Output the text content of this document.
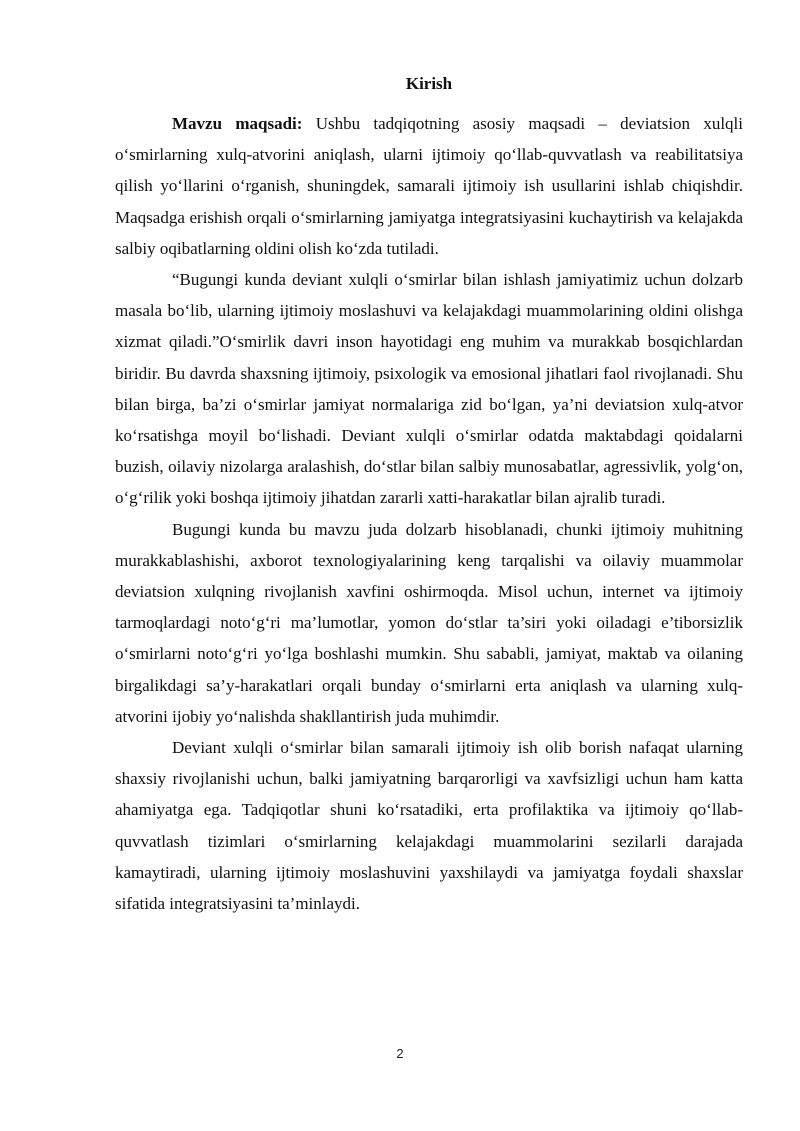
Kirish

Mavzu maqsadi: Ushbu tadqiqotning asosiy maqsadi – deviatsion xulqli o‘smirlarning xulq-atvorini aniqlash, ularni ijtimoiy qo‘llab-quvvatlash va reabilitatsiya qilish yo‘llarini o‘rganish, shuningdek, samarali ijtimoiy ish usullarini ishlab chiqishdir. Maqsadga erishish orqali o‘smirlarning jamiyatga integratsiyasini kuchaytirish va kelajakda salbiy oqibatlarning oldini olish ko‘zda tutiladi.

“Bugungi kunda deviant xulqli o‘smirlar bilan ishlash jamiyatimiz uchun dolzarb masala bo‘lib, ularning ijtimoiy moslashuvi va kelajakdagi muammolarining oldini olishga xizmat qiladi.”O‘smirlik davri inson hayotidagi eng muhim va murakkab bosqichlardan biridir. Bu davrda shaxsning ijtimoiy, psixologik va emosional jihatlari faol rivojlanadi. Shu bilan birga, ba’zi o‘smirlar jamiyat normalariga zid bo‘lgan, ya’ni deviatsion xulq-atvor ko‘rsatishga moyil bo‘lishadi. Deviant xulqli o‘smirlar odatda maktabdagi qoidalarni buzish, oilaviy nizolarga aralashish, do‘stlar bilan salbiy munosabatlar, agressivlik, yolg‘on, o‘g‘rilik yoki boshqa ijtimoiy jihatdan zararli xatti-harakatlar bilan ajralib turadi.

Bugungi kunda bu mavzu juda dolzarb hisoblanadi, chunki ijtimoiy muhitning murakkablashishi, axborot texnologiyalarining keng tarqalishi va oilaviy muammolar deviatsion xulqning rivojlanish xavfini oshirmoqda. Misol uchun, internet va ijtimoiy tarmoqlardagi noto‘g‘ri ma’lumotlar, yomon do‘stlar ta’siri yoki oiladagi e’tiborsizlik o‘smirlarni noto‘g‘ri yo‘lga boshlashi mumkin. Shu sababli, jamiyat, maktab va oilaning birgalikdagi sa’y-harakatlari orqali bunday o‘smirlarni erta aniqlash va ularning xulq-atvorini ijobiy yo‘nalishda shakllantirish juda muhimdir.

Deviant xulqli o‘smirlar bilan samarali ijtimoiy ish olib borish nafaqat ularning shaxsiy rivojlanishi uchun, balki jamiyatning barqarorligi va xavfsizligi uchun ham katta ahamiyatga ega. Tadqiqotlar shuni ko‘rsatadiki, erta profilaktika va ijtimoiy qo‘llab-quvvatlash tizimlari o‘smirlarning kelajakdagi muammolarini sezilarli darajada kamaytiradi, ularning ijtimoiy moslashuvini yaxshilaydi va jamiyatga foydali shaxslar sifatida integratsiyasini ta’minlaydi.

2
